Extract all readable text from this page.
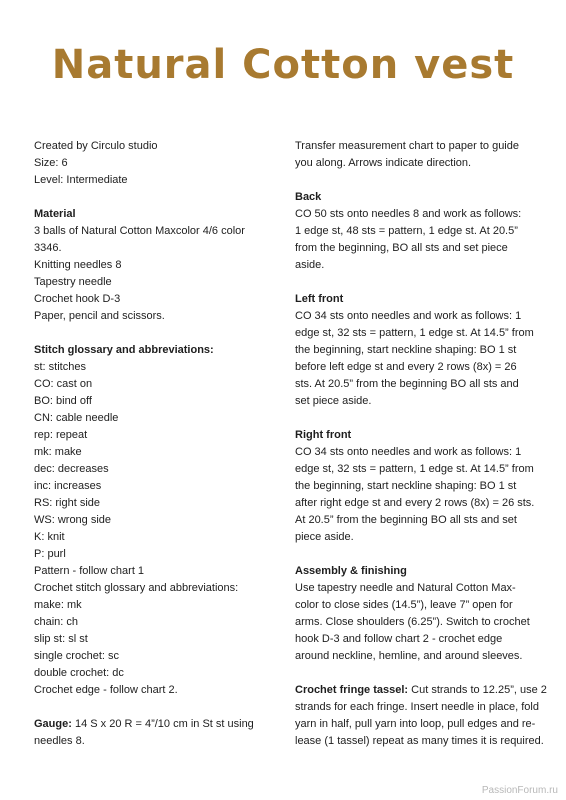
Natural Cotton vest
Created by Circulo studio
Size: 6
Level: Intermediate
Material
3 balls of Natural Cotton Maxcolor 4/6 color
3346.
Knitting needles 8
Tapestry needle
Crochet hook D-3
Paper, pencil and scissors.
Stitch glossary and abbreviations:
st: stitches
CO: cast on
BO: bind off
CN: cable needle
rep: repeat
mk: make
dec: decreases
inc: increases
RS: right side
WS: wrong side
K: knit
P: purl
Pattern - follow chart 1
Crochet stitch glossary and abbreviations:
make: mk
chain: ch
slip st: sl st
single crochet: sc
double crochet: dc
Crochet edge - follow chart 2.
Gauge: 14 S x 20 R = 4”/10 cm in St st using
needles 8.
Transfer measurement chart to paper to guide
you along. Arrows indicate direction.
Back
CO 50 sts onto needles 8 and work as follows:
1 edge st, 48 sts = pattern, 1 edge st. At 20.5”
from the beginning, BO all sts and set piece
aside.
Left front
CO 34 sts onto needles and work as follows: 1
edge st, 32 sts = pattern, 1 edge st. At 14.5” from
the beginning, start neckline shaping: BO 1 st
before left edge st and every 2 rows (8x) = 26
sts. At 20.5” from the beginning BO all sts and
set piece aside.
Right front
CO 34 sts onto needles and work as follows: 1
edge st, 32 sts = pattern, 1 edge st. At 14.5” from
the beginning, start neckline shaping: BO 1 st
after right edge st and every 2 rows (8x) = 26 sts.
At 20.5” from the beginning BO all sts and set
piece aside.
Assembly & finishing
Use tapestry needle and Natural Cotton Max-
color to close sides (14.5”), leave 7” open for
arms. Close shoulders (6.25”). Switch to crochet
hook D-3 and follow chart 2 - crochet edge
around neckline, hemline, and around sleeves.
Crochet fringe tassel: Cut strands to 12.25”, use 2
strands for each fringe. Insert needle in place, fold
yarn in half, pull yarn into loop, pull edges and re-
lease (1 tassel) repeat as many times it is required.
PassionForum.ru
